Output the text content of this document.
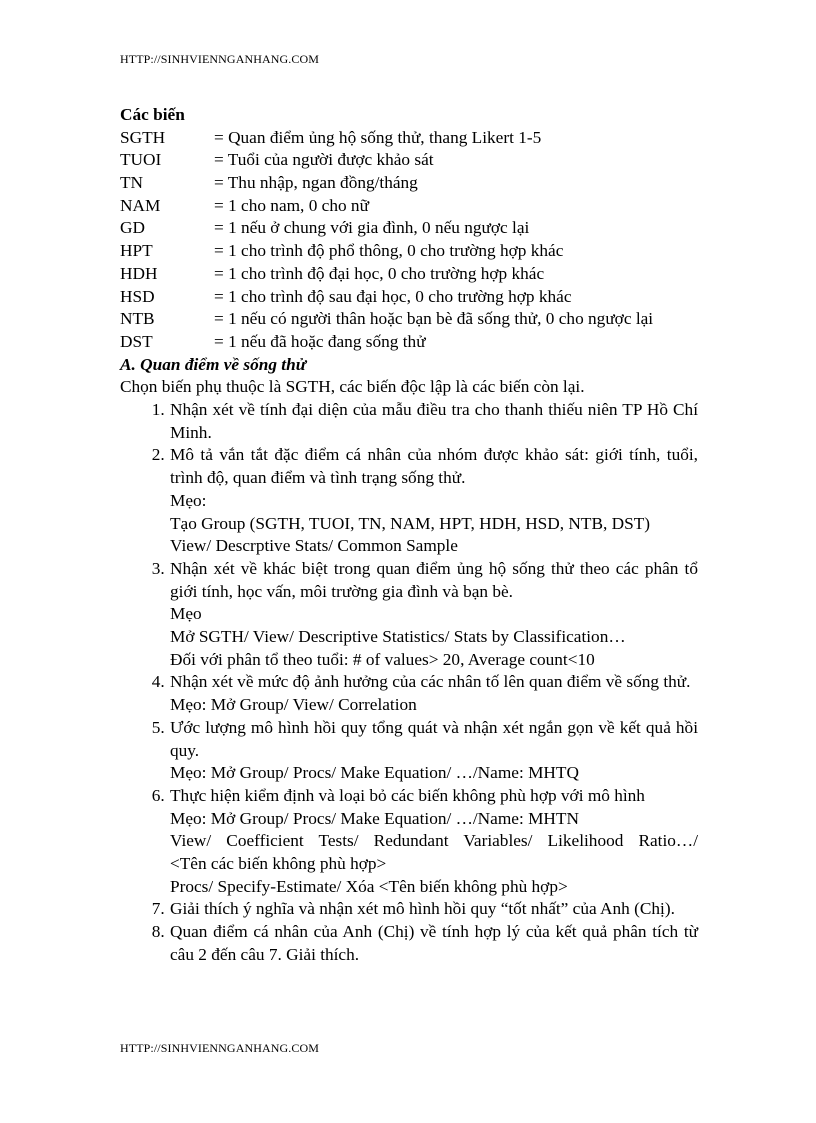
HTTP://SINHVIENNGANHANG.COM
Các biến
SGTH	= Quan điểm ủng hộ sống thử, thang Likert 1-5
TUOI	= Tuổi của người được khảo sát
TN	= Thu nhập, ngan đồng/tháng
NAM	= 1 cho nam, 0 cho nữ
GD	= 1 nếu ở chung với gia đình, 0 nếu ngược lại
HPT	= 1 cho trình độ phổ thông, 0 cho trường hợp khác
HDH	= 1 cho trình độ đại học, 0 cho trường hợp khác
HSD	= 1 cho trình độ sau đại học, 0 cho trường hợp khác
NTB	= 1 nếu có người thân hoặc bạn bè đã sống thử, 0 cho ngược lại
DST	= 1 nếu đã hoặc đang sống thử
A. Quan điểm về sống thử
Chọn biến phụ thuộc là SGTH, các biến độc lập là các biến còn lại.
1. Nhận xét về tính đại diện của mẫu điều tra cho thanh thiếu niên TP Hồ Chí Minh.
2. Mô tả vắn tắt đặc điểm cá nhân của nhóm được khảo sát: giới tính, tuổi, trình độ, quan điểm và tình trạng sống thử.
Mẹo:
Tạo Group (SGTH, TUOI, TN, NAM, HPT, HDH, HSD, NTB, DST)
View/ Descrptive Stats/ Common Sample
3. Nhận xét về khác biệt trong quan điểm ủng hộ sống thử theo các phân tổ giới tính, học vấn, môi trường gia đình và bạn bè.
Mẹo
Mở SGTH/ View/ Descriptive Statistics/ Stats by Classification…
Đối với phân tổ theo tuổi: # of values> 20, Average count<10
4. Nhận xét về mức độ ảnh hưởng của các nhân tố lên quan điểm về sống thử.
Mẹo: Mở Group/ View/ Correlation
5. Ước lượng mô hình hồi quy tổng quát và nhận xét ngắn gọn về kết quả hồi quy.
Mẹo: Mở Group/ Procs/ Make Equation/ …/Name: MHTQ
6. Thực hiện kiểm định và loại bỏ các biến không phù hợp với mô hình
Mẹo: Mở Group/ Procs/ Make Equation/ …/Name: MHTN
View/ Coefficient Tests/ Redundant Variables/ Likelihood Ratio…/
<Tên các biến không phù hợp>
Procs/ Specify-Estimate/ Xóa <Tên biến không phù hợp>
7. Giải thích ý nghĩa và nhận xét mô hình hồi quy “tốt nhất” của Anh (Chị).
8. Quan điểm cá nhân của Anh (Chị) về tính hợp lý của kết quả phân tích từ câu 2 đến câu 7. Giải thích.
HTTP://SINHVIENNGANHANG.COM
